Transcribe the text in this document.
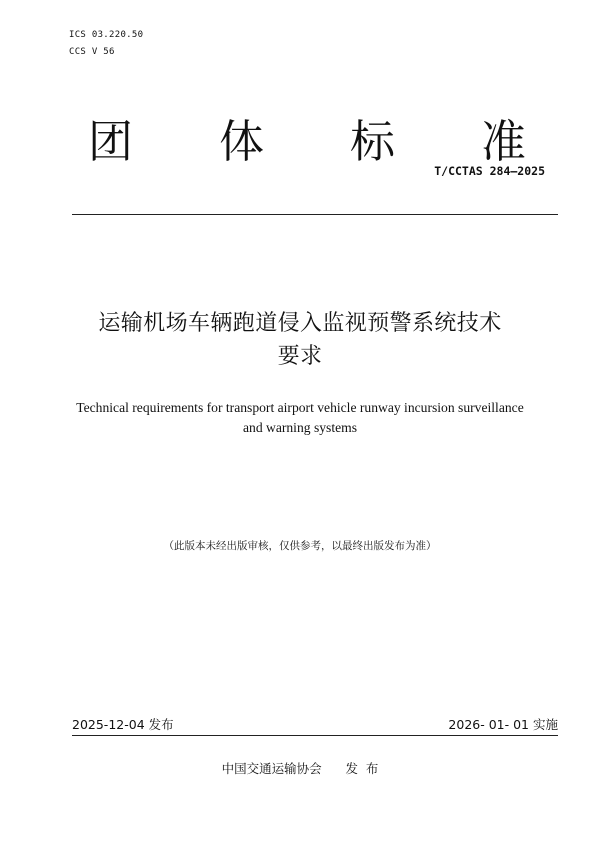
ICS 03.220.50
CCS V 56
团 体 标 准
T/CCTAS 284—2025
运输机场车辆跑道侵入监视预警系统技术
要求
Technical requirements for transport airport vehicle runway incursion surveillance
and warning systems
（此版本未经出版审核，仅供参考，以最终出版发布为准）
2025-12-04 发布	2026- 01- 01 实施
中国交通运输协会 发  布
